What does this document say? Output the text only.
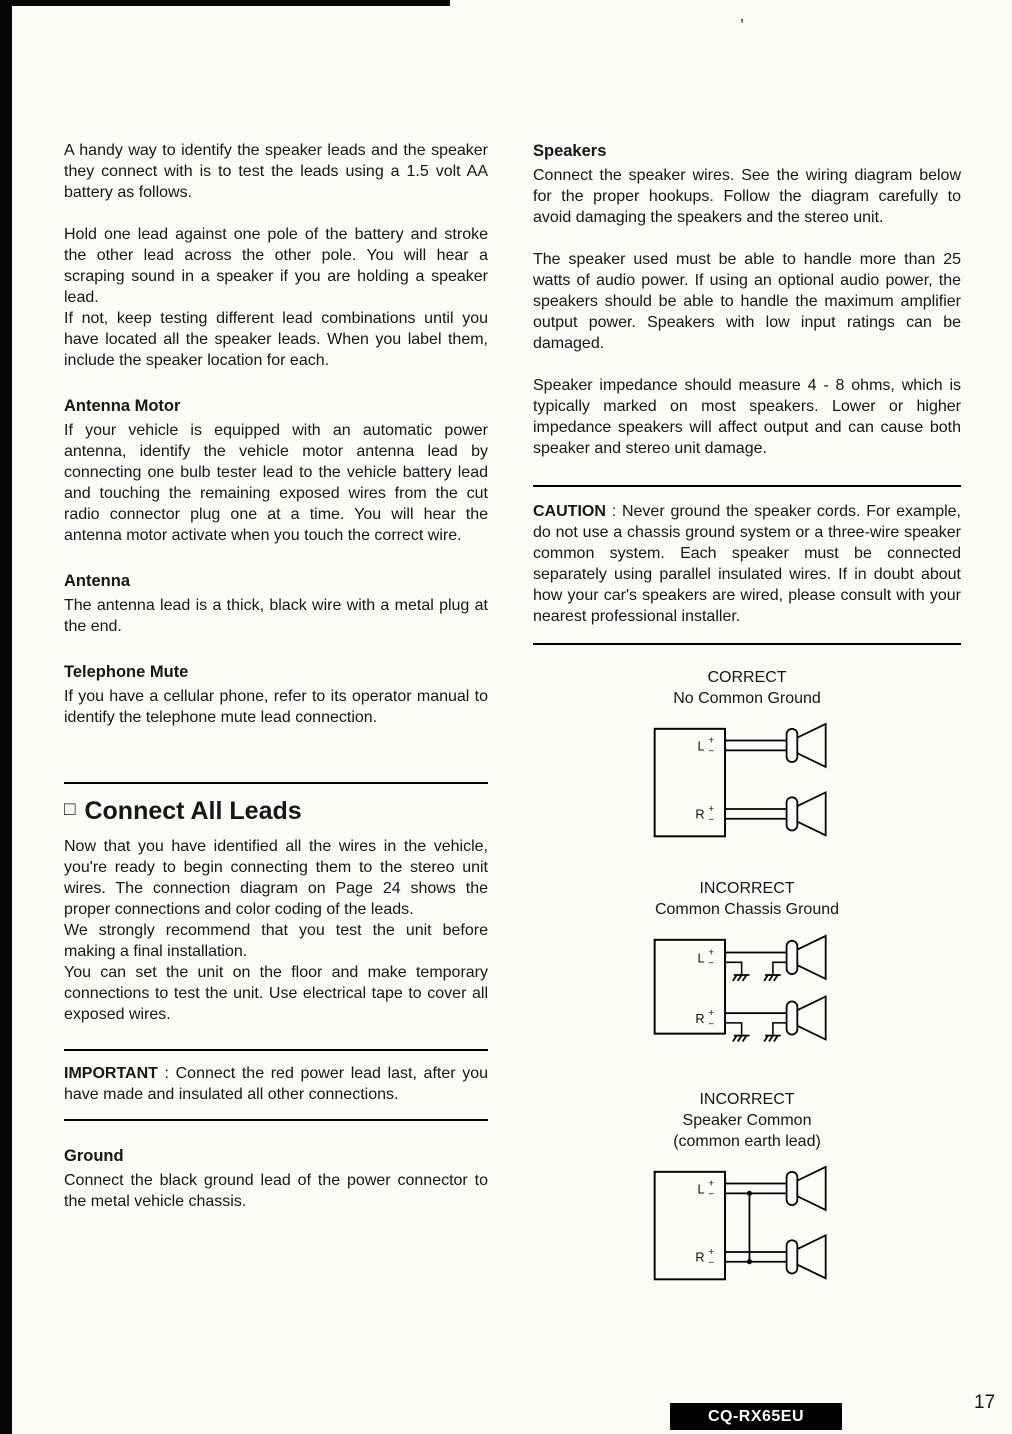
’

A handy way to identify the speaker leads and the speaker they connect with is to test the leads using a 1.5 volt AA battery as follows.

Hold one lead against one pole of the battery and stroke the other lead across the other pole. You will hear a scraping sound in a speaker if you are holding a speaker lead.

If not, keep testing different lead combinations until you have located all the speaker leads. When you label them, include the speaker location for each.

Antenna Motor

If your vehicle is equipped with an automatic power antenna, identify the vehicle motor antenna lead by connecting one bulb tester lead to the vehicle battery lead and touching the remaining exposed wires from the cut radio connector plug one at a time. You will hear the antenna motor activate when you touch the correct wire.

Antenna

The antenna lead is a thick, black wire with a metal plug at the end.

Telephone Mute

If you have a cellular phone, refer to its operator manual to identify the telephone mute lead connection.

□ Connect All Leads

Now that you have identified all the wires in the vehicle, you're ready to begin connecting them to the stereo unit wires. The connection diagram on Page 24 shows the proper connections and color coding of the leads.

We strongly recommend that you test the unit before making a final installation.

You can set the unit on the floor and make temporary connections to test the unit. Use electrical tape to cover all exposed wires.

IMPORTANT : Connect the red power lead last, after you have made and insulated all other connections.

Ground

Connect the black ground lead of the power connector to the metal vehicle chassis.

Speakers

Connect the speaker wires. See the wiring diagram below for the proper hookups. Follow the diagram carefully to avoid damaging the speakers and the stereo unit.

The speaker used must be able to handle more than 25 watts of audio power. If using an optional audio power, the speakers should be able to handle the maximum amplifier output power. Speakers with low input ratings can be damaged.

Speaker impedance should measure 4 - 8 ohms, which is typically marked on most speakers. Lower or higher impedance speakers will affect output and can cause both speaker and stereo unit damage.

CAUTION : Never ground the speaker cords. For example, do not use a chassis ground system or a three-wire speaker common system. Each speaker must be connected separately using parallel insulated wires. If in doubt about how your car's speakers are wired, please consult with your nearest professional installer.

CORRECT
No Common Ground
L +
−
R +
−
INCORRECT
Common Chassis Ground
L +
−
R +
−
INCORRECT
Speaker Common
(common earth lead)
L +
−
R +
−
CQ-RX65EU
17
